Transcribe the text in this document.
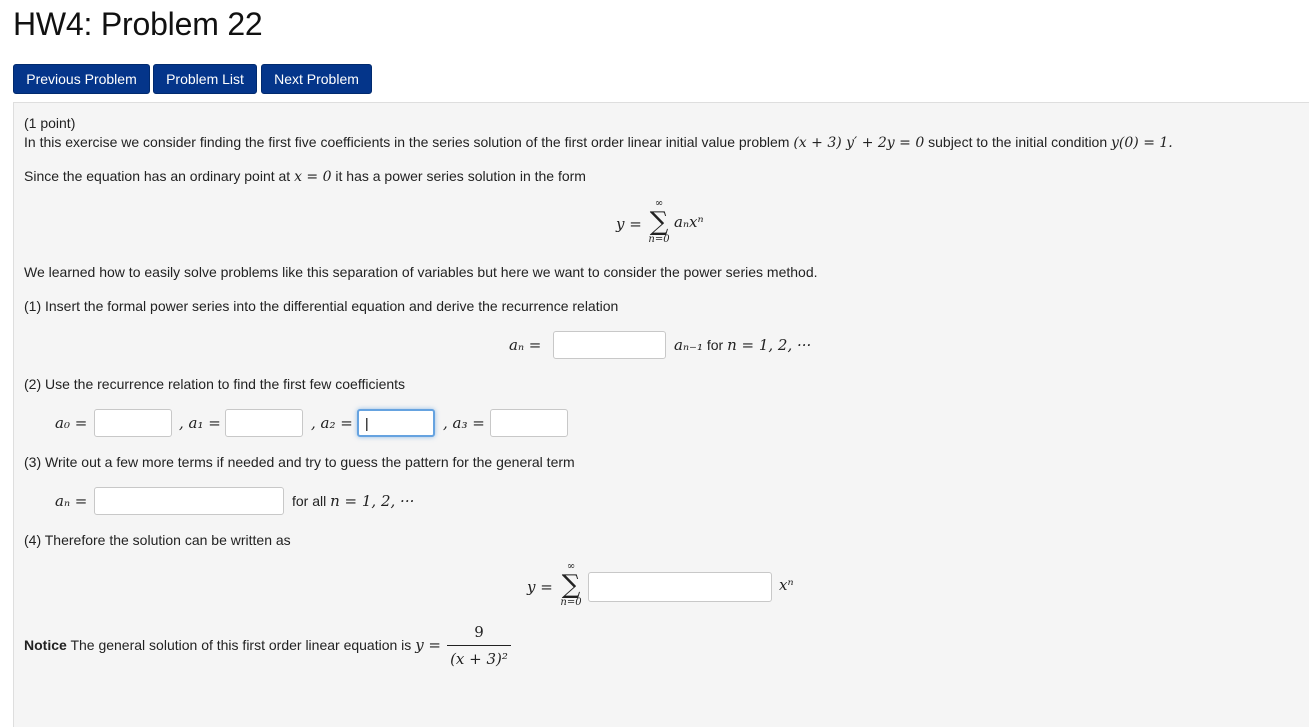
HW4: Problem 22
Previous Problem	Problem List	Next Problem
(1 point)
In this exercise we consider finding the first five coefficients in the series solution of the first order linear initial value problem (x + 3) y′ + 2y = 0 subject to the initial condition y(0) = 1.
Since the equation has an ordinary point at x = 0 it has a power series solution in the form
y =
∞
∑
n=0
aₙxⁿ
We learned how to easily solve problems like this separation of variables but here we want to consider the power series method.
(1) Insert the formal power series into the differential equation and derive the recurrence relation
aₙ =	aₙ₋₁ for n = 1, 2, ···
(2) Use the recurrence relation to find the first few coefficients
a₀ =	, a₁ =	, a₂ =
|	, a₃ =
(3) Write out a few more terms if needed and try to guess the pattern for the general term
aₙ =	for all n = 1, 2, ···
(4) Therefore the solution can be written as
y =
∞
∑
n=0
xⁿ
Notice The general solution of this first order linear equation is y =
9
(x + 3)²
